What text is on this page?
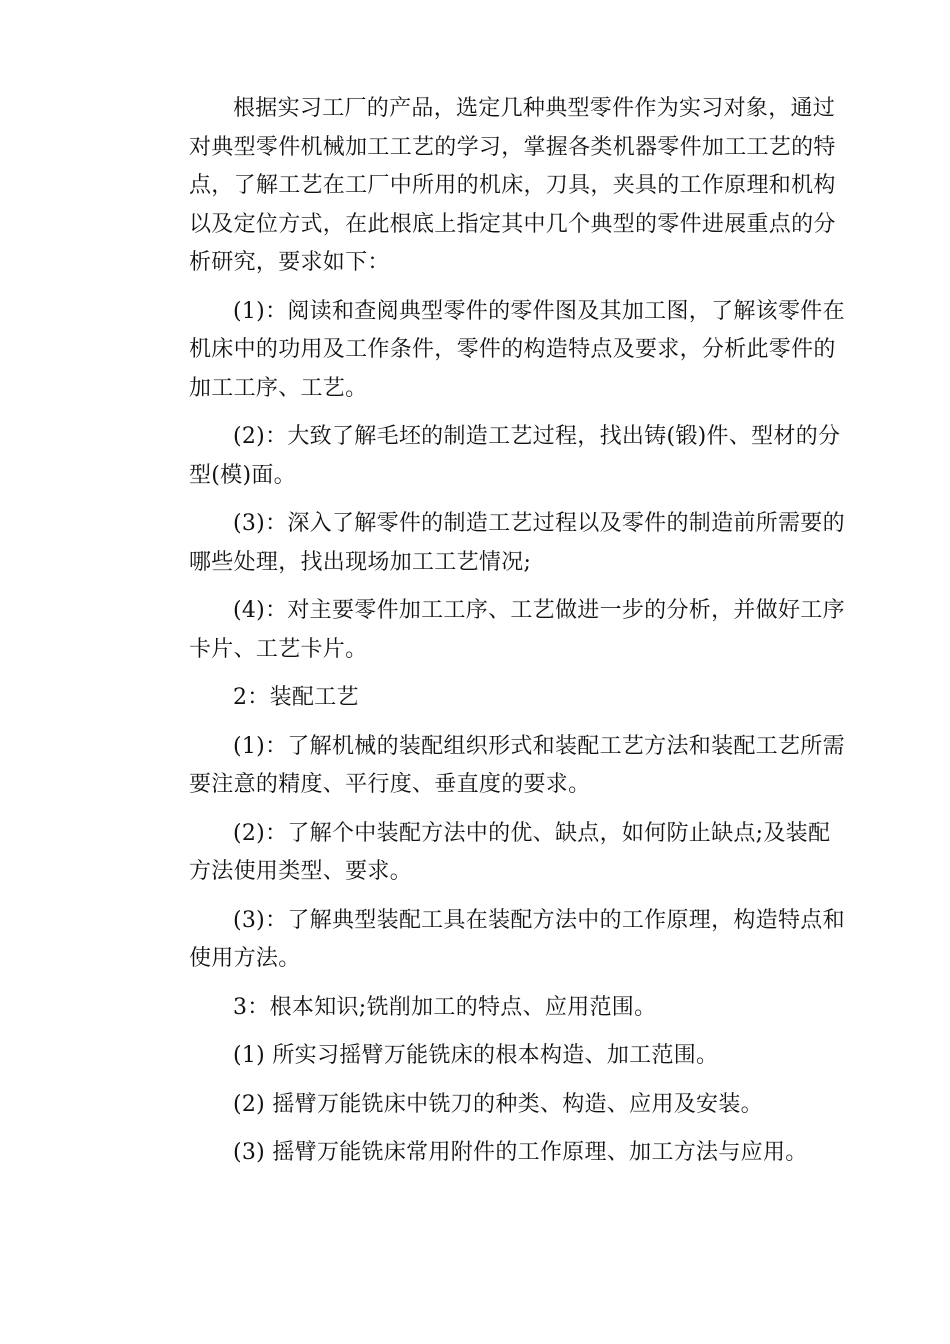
根据实习工厂的产品，选定几种典型零件作为实习对象，通过
对典型零件机械加工工艺的学习，掌握各类机器零件加工工艺的特
点，了解工艺在工厂中所用的机床，刀具，夹具的工作原理和机构
以及定位方式，在此根底上指定其中几个典型的零件进展重点的分
析研究，要求如下：
(1)：阅读和查阅典型零件的零件图及其加工图，了解该零件在
机床中的功用及工作条件，零件的构造特点及要求，分析此零件的
加工工序、工艺。
(2)：大致了解毛坯的制造工艺过程，找出铸(锻)件、型材的分
型(模)面。
(3)：深入了解零件的制造工艺过程以及零件的制造前所需要的
哪些处理，找出现场加工工艺情况;
(4)：对主要零件加工工序、工艺做进一步的分析，并做好工序
卡片、工艺卡片。
2：装配工艺
(1)：了解机械的装配组织形式和装配工艺方法和装配工艺所需
要注意的精度、平行度、垂直度的要求。
(2)：了解个中装配方法中的优、缺点，如何防止缺点;及装配
方法使用类型、要求。
(3)：了解典型装配工具在装配方法中的工作原理，构造特点和
使用方法。
3：根本知识;铣削加工的特点、应用范围。
(1) 所实习摇臂万能铣床的根本构造、加工范围。
(2) 摇臂万能铣床中铣刀的种类、构造、应用及安装。
(3) 摇臂万能铣床常用附件的工作原理、加工方法与应用。
